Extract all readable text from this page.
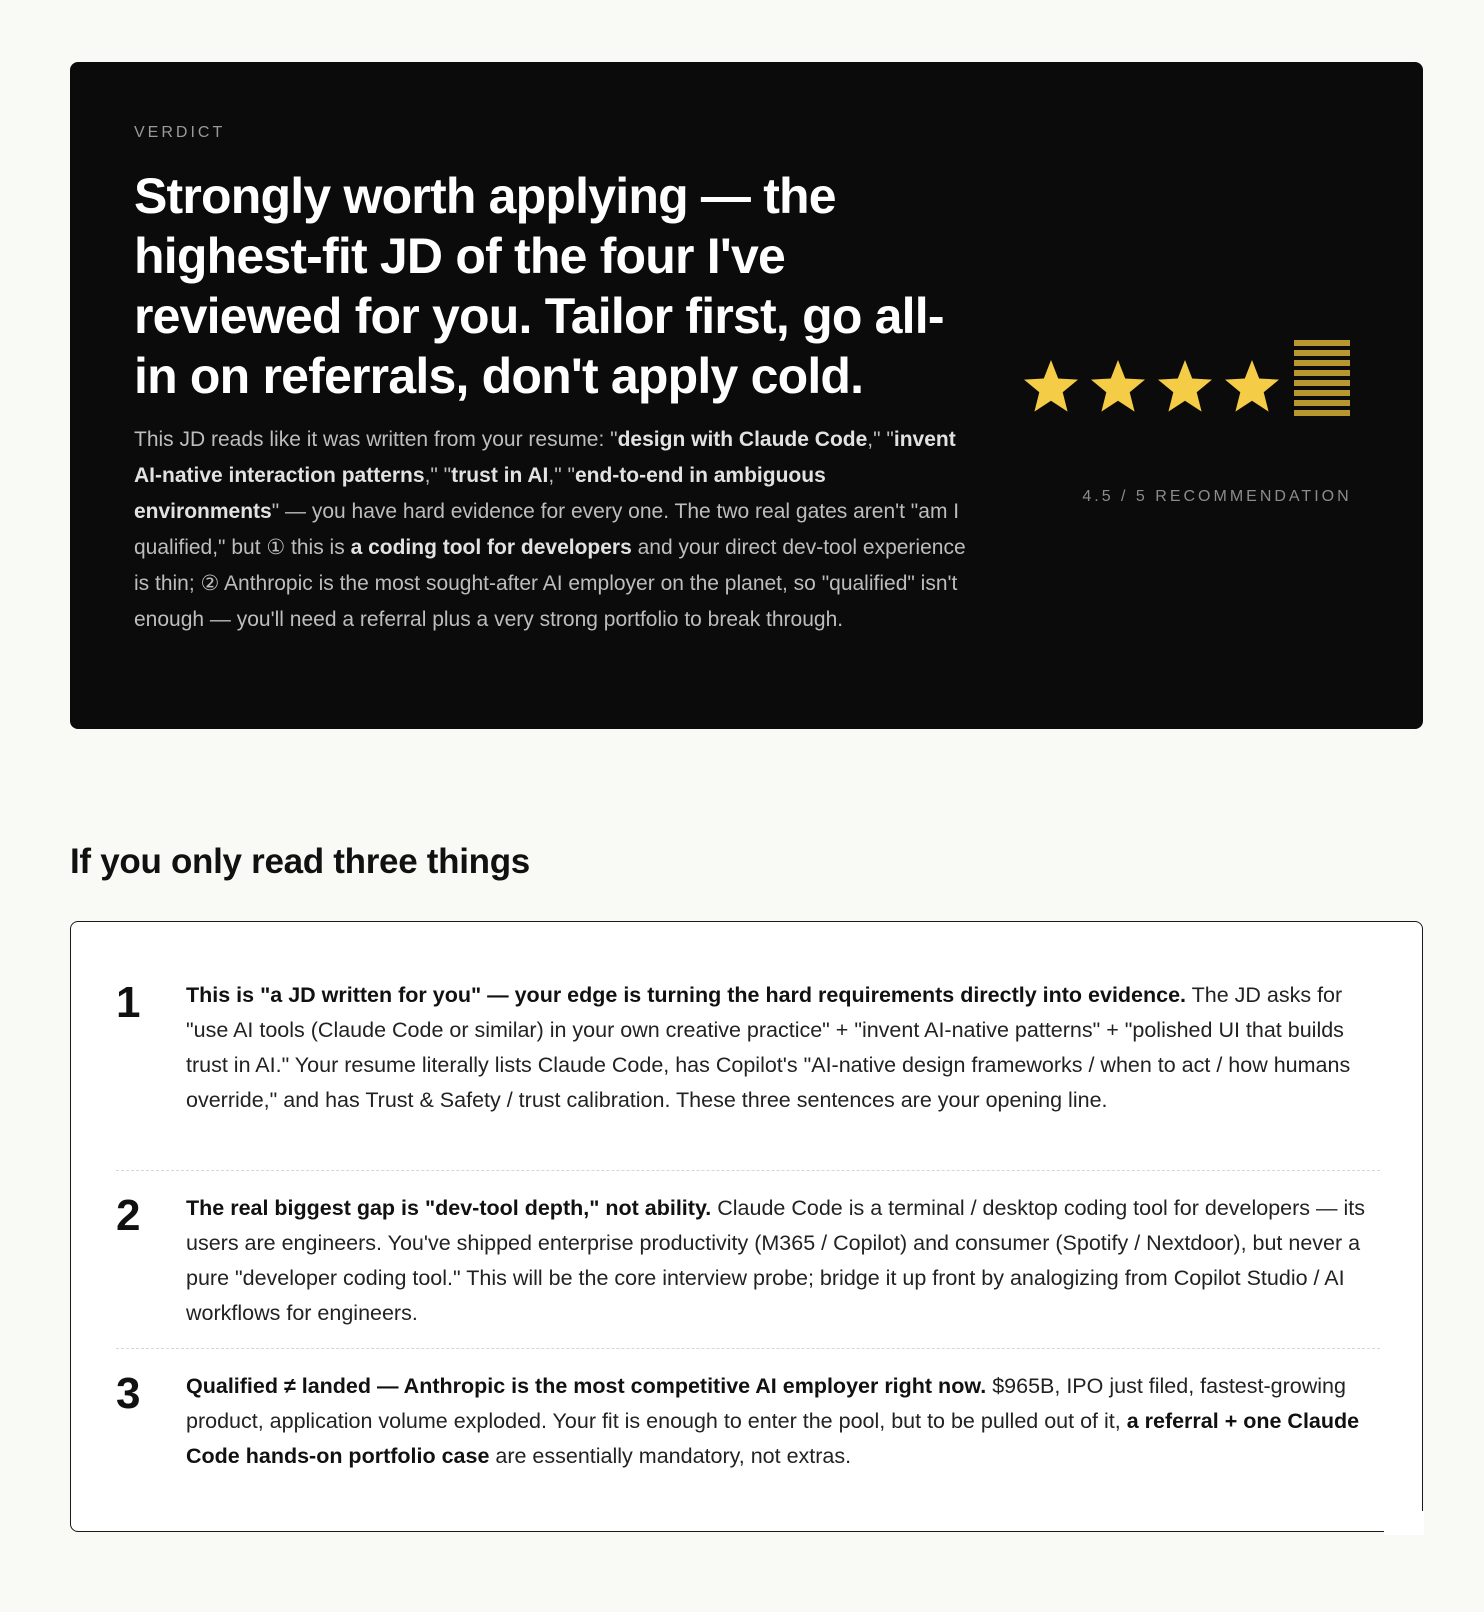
VERDICT
Strongly worth applying — the highest-fit JD of the four I've reviewed for you. Tailor first, go all-in on referrals, don't apply cold.

This JD reads like it was written from your resume: "design with Claude Code," "invent AI-native interaction patterns," "trust in AI," "end-to-end in ambiguous environments" — you have hard evidence for every one. The two real gates aren't "am I qualified," but ① this is a coding tool for developers and your direct dev-tool experience is thin; ② Anthropic is the most sought-after AI employer on the planet, so "qualified" isn't enough — you'll need a referral plus a very strong portfolio to break through.

4.5 / 5 RECOMMENDATION
If you only read three things
1 This is "a JD written for you" — your edge is turning the hard requirements directly into evidence. The JD asks for "use AI tools (Claude Code or similar) in your own creative practice" + "invent AI-native patterns" + "polished UI that builds trust in AI." Your resume literally lists Claude Code, has Copilot's "AI-native design frameworks / when to act / how humans override," and has Trust & Safety / trust calibration. These three sentences are your opening line.

2 The real biggest gap is "dev-tool depth," not ability. Claude Code is a terminal / desktop coding tool for developers — its users are engineers. You've shipped enterprise productivity (M365 / Copilot) and consumer (Spotify / Nextdoor), but never a pure "developer coding tool." This will be the core interview probe; bridge it up front by analogizing from Copilot Studio / AI workflows for engineers.

3 Qualified ≠ landed — Anthropic is the most competitive AI employer right now. $965B, IPO just filed, fastest-growing product, application volume exploded. Your fit is enough to enter the pool, but to be pulled out of it, a referral + one Claude Code hands-on portfolio case are essentially mandatory, not extras.
